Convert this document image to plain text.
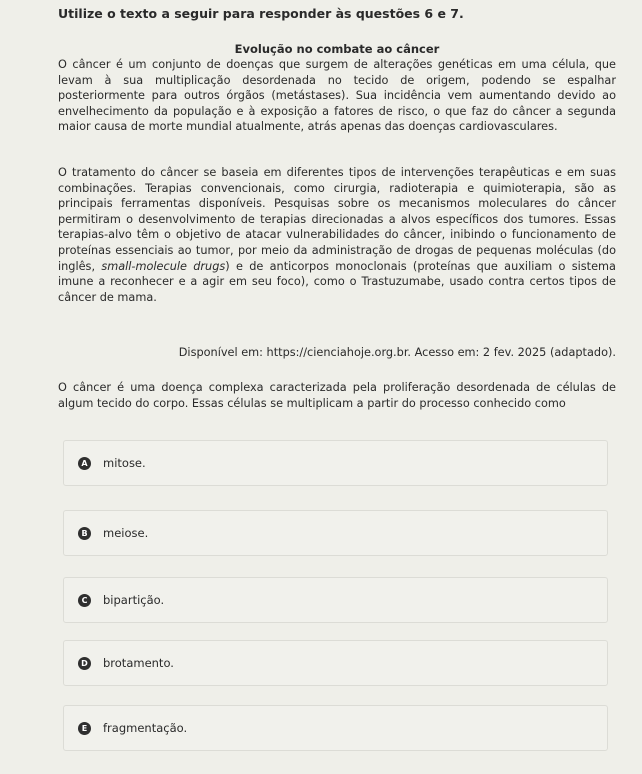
Utilize o texto a seguir para responder às questões 6 e 7.
Evolução no combate ao câncer

O câncer é um conjunto de doenças que surgem de alterações genéticas em uma célula, que levam à sua multiplicação desordenada no tecido de origem, podendo se espalhar posteriormente para outros órgãos (metástases). Sua incidência vem aumentando devido ao envelhecimento da população e à exposição a fatores de risco, o que faz do câncer a segunda maior causa de morte mundial atualmente, atrás apenas das doenças cardiovasculares.

O tratamento do câncer se baseia em diferentes tipos de intervenções terapêuticas e em suas combinações. Terapias convencionais, como cirurgia, radioterapia e quimioterapia, são as principais ferramentas disponíveis. Pesquisas sobre os mecanismos moleculares do câncer permitiram o desenvolvimento de terapias direcionadas a alvos específicos dos tumores. Essas terapias-alvo têm o objetivo de atacar vulnerabilidades do câncer, inibindo o funcionamento de proteínas essenciais ao tumor, por meio da administração de drogas de pequenas moléculas (do inglês, small-molecule drugs) e de anticorpos monoclonais (proteínas que auxiliam o sistema imune a reconhecer e a agir em seu foco), como o Trastuzumabe, usado contra certos tipos de câncer de mama.

Disponível em: https://cienciahoje.org.br. Acesso em: 2 fev. 2025 (adaptado).

O câncer é uma doença complexa caracterizada pela proliferação desordenada de células de algum tecido do corpo. Essas células se multiplicam a partir do processo conhecido como

A mitose.
B	meiose.
C	bipartição.
D brotamento.
E	fragmentação.
